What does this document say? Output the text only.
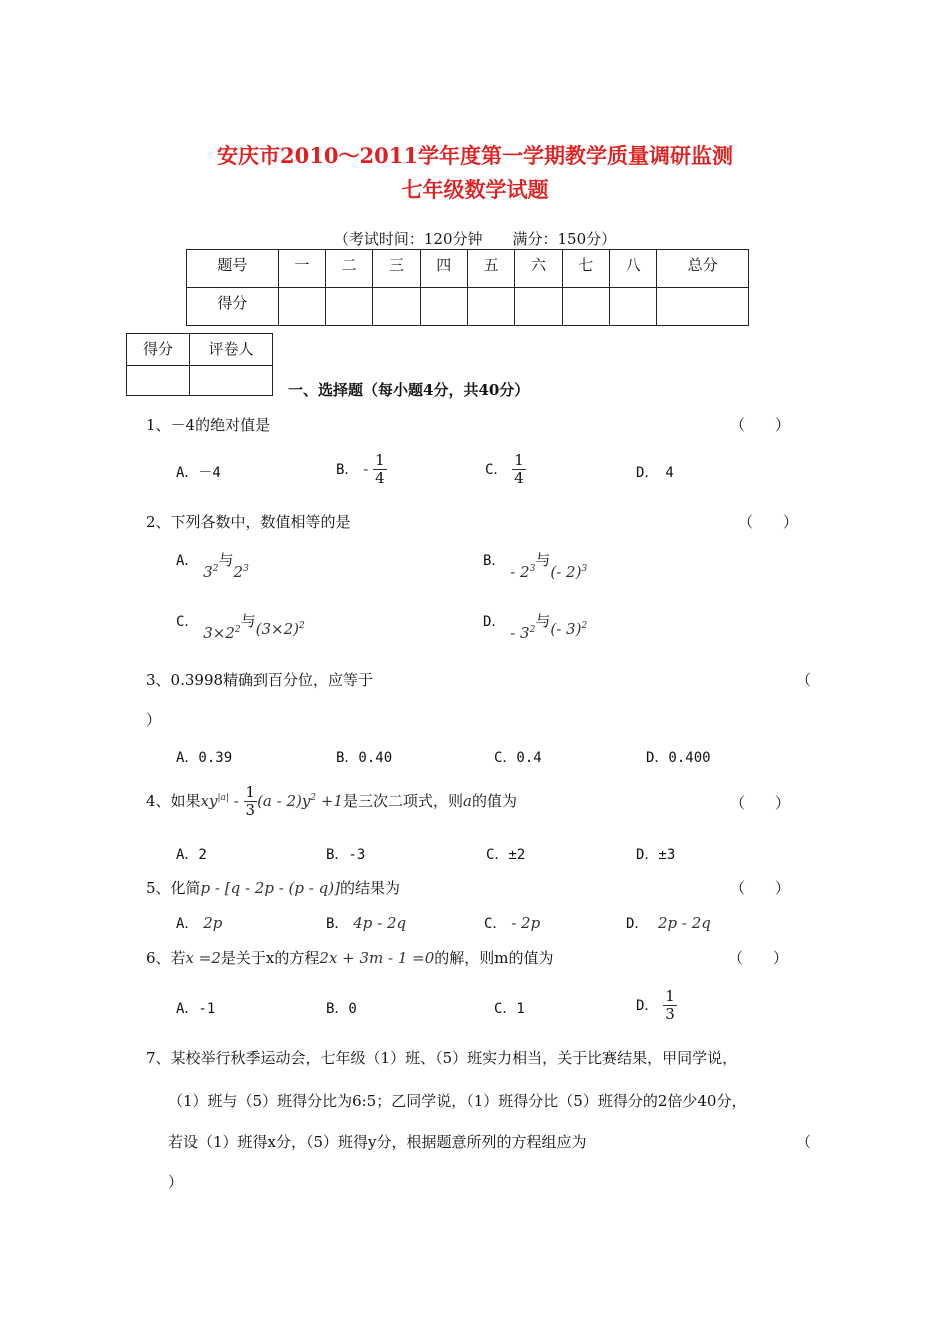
安庆市2010～2011学年度第一学期教学质量调研监测
七年级数学试题
（考试时间：120分钟　　满分：150分）
题号	一	二	三	四	五	六	七	八	总分
得分									
得分	评卷人

一、选择题（每小题4分，共40分）
1、－4的绝对值是	（　　）
A．－4	B． - $\frac{1}{4}$	C． $\frac{1}{4}$	D．　4
2、下列各数中，数值相等的是	（　　）
A． $3^2$与$2^3$	B． - $2^3$与(- 2)$^3$
C． $3\times 2^2$与$(3\times 2)^2$	D． - $3^2$与(- 3)$^2$
3、0.3998精确到百分位，应等于	（
）
A．0.39	B．0.40	C．0.4	D．0.400
4、如果$xy^{|a|} - \frac{1}{3} (a - 2)y^2 +1$是三次二项式，则a的值为	（　　）
A．2	B．-3	C．±2	D．±3
5、化简p - [q - 2p - (p - q)]的结果为	（　　）
A． 2p	B． 4p - 2q	C． - 2p	D．  2p - 2q
6、若x =2是关于x的方程2x + 3m - 1 =0的解，则m的值为	（　　）
A．-1	B．0	C．1	D． $\frac{1}{3}$
7、某校举行秋季运动会，七年级（1）班、（5）班实力相当，关于比赛结果，甲同学说，
（1）班与（5）班得分比为6:5；乙同学说，（1）班得分比（5）班得分的2倍少40分，
若设（1）班得x分，（5）班得y分，根据题意所列的方程组应为	（
）
